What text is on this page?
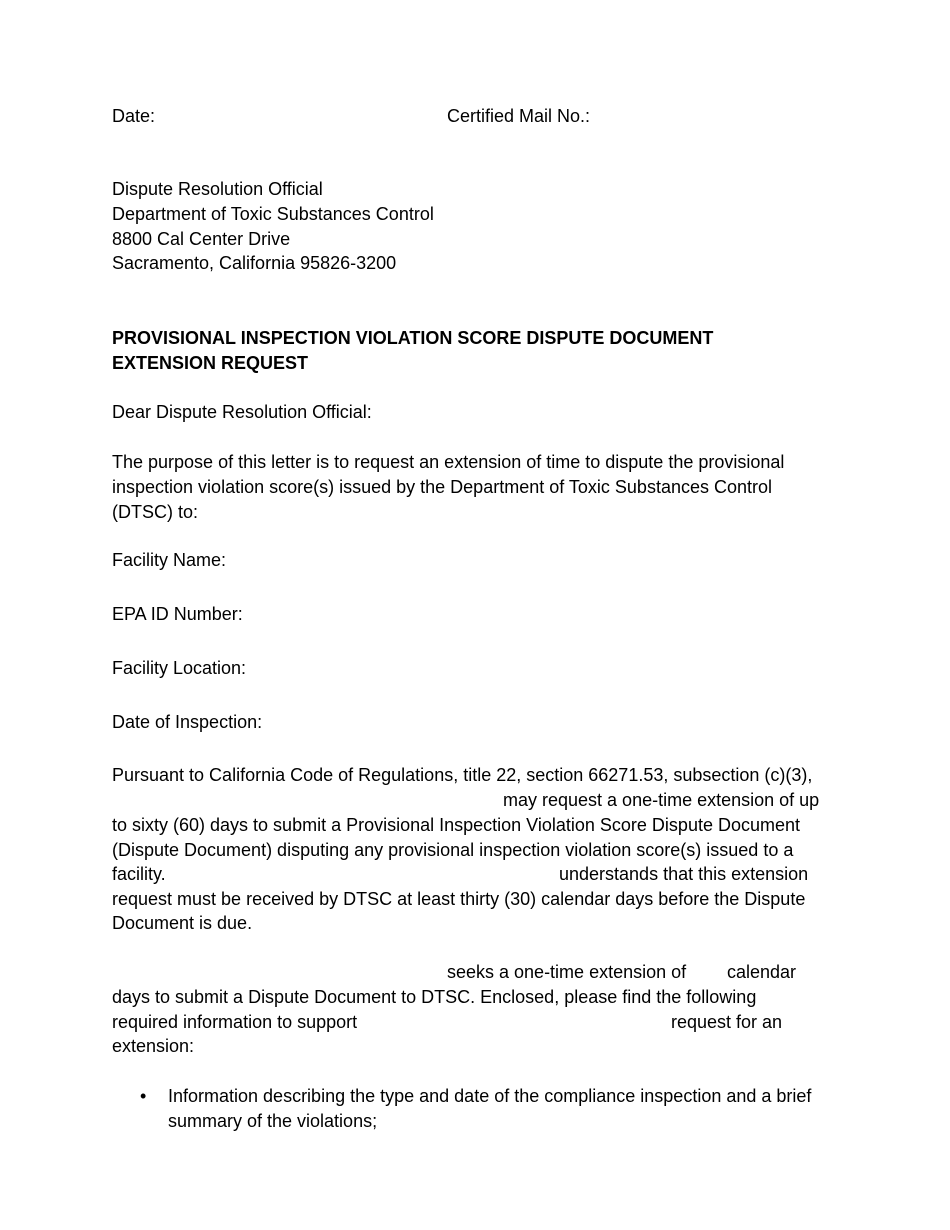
Date:	Certified Mail No.:
Dispute Resolution Official
Department of Toxic Substances Control
8800 Cal Center Drive
Sacramento, California 95826-3200
PROVISIONAL INSPECTION VIOLATION SCORE DISPUTE DOCUMENT
EXTENSION REQUEST
Dear Dispute Resolution Official:
The purpose of this letter is to request an extension of time to dispute the provisional
inspection violation score(s) issued by the Department of Toxic Substances Control
(DTSC) to:
Facility Name:
EPA ID Number:
Facility Location:
Date of Inspection:
Pursuant to California Code of Regulations, title 22, section 66271.53, subsection (c)(3),
may request a one-time extension of up
to sixty (60) days to submit a Provisional Inspection Violation Score Dispute Document
(Dispute Document) disputing any provisional inspection violation score(s) issued to a
facility.	understands that this extension
request must be received by DTSC at least thirty (30) calendar days before the Dispute
Document is due.
seeks a one-time extension of calendar
days to submit a Dispute Document to DTSC. Enclosed, please find the following
required information to support	request for an
extension:
• Information describing the type and date of the compliance inspection and a brief summary of the violations;
